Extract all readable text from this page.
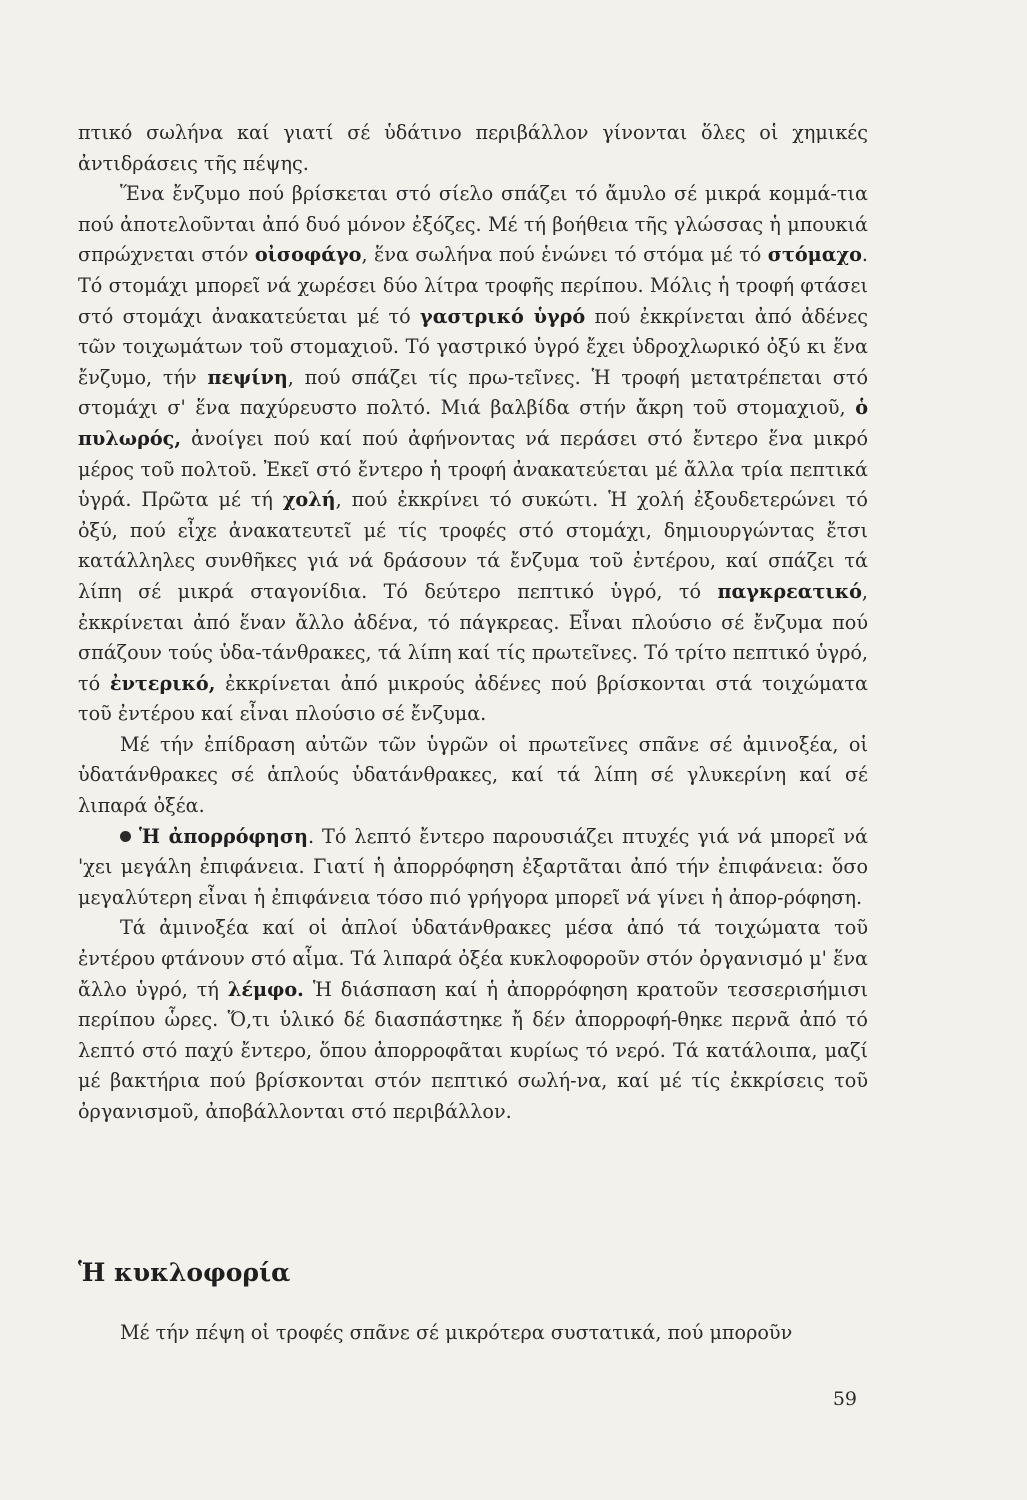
πτικό σωλήνα καί γιατί σέ ὑδάτινο περιβάλλον γίνονται ὅλες οἱ χημικές ἀντιδράσεις τῆς πέψης.

Ἕνα ἔνζυμο πού βρίσκεται στό σίελο σπάζει τό ἄμυλο σέ μικρά κομμά-τια πού ἀποτελοῦνται ἀπό δυό μόνον ἐξόζες. Μέ τή βοήθεια τῆς γλώσσας ἡ μπουκιά σπρώχνεται στόν οἰσοφάγο, ἕνα σωλήνα πού ἑνώνει τό στόμα μέ τό στόμαχο. Τό στομάχι μπορεῖ νά χωρέσει δύο λίτρα τροφῆς περίπου. Μόλις ἡ τροφή φτάσει στό στομάχι ἀνακατεύεται μέ τό γαστρικό ὑγρό πού ἐκκρίνεται ἀπό ἀδένες τῶν τοιχωμάτων τοῦ στομαχιοῦ. Τό γαστρικό ὑγρό ἔχει ὑδροχλωρικό ὀξύ κι ἕνα ἔνζυμο, τήν πεψίνη, πού σπάζει τίς πρω-τεῖνες. Ἡ τροφή μετατρέπεται στό στομάχι σ' ἕνα παχύρευστο πολτό. Μιά βαλβίδα στήν ἄκρη τοῦ στομαχιοῦ, ὁ πυλωρός, ἀνοίγει πού καί πού ἀφήνοντας νά περάσει στό ἔντερο ἕνα μικρό μέρος τοῦ πολτοῦ. Ἐκεῖ στό ἔντερο ἡ τροφή ἀνακατεύεται μέ ἄλλα τρία πεπτικά ὑγρά. Πρῶτα μέ τή χολή, πού ἐκκρίνει τό συκώτι. Ἡ χολή ἐξουδετερώνει τό ὀξύ, πού εἶχε ἀνακατευτεῖ μέ τίς τροφές στό στομάχι, δημιουργώντας ἔτσι κατάλληλες συνθῆκες γιά νά δράσουν τά ἔνζυμα τοῦ ἐντέρου, καί σπάζει τά λίπη σέ μικρά σταγονίδια. Τό δεύτερο πεπτικό ὑγρό, τό παγκρεατικό, ἐκκρίνεται ἀπό ἕναν ἄλλο ἀδένα, τό πάγκρεας. Εἶναι πλούσιο σέ ἔνζυμα πού σπάζουν τούς ὑδα-τάνθρακες, τά λίπη καί τίς πρωτεῖνες. Τό τρίτο πεπτικό ὑγρό, τό ἐντερικό, ἐκκρίνεται ἀπό μικρούς ἀδένες πού βρίσκονται στά τοιχώματα τοῦ ἐντέρου καί εἶναι πλούσιο σέ ἔνζυμα.

Μέ τήν ἐπίδραση αὐτῶν τῶν ὑγρῶν οἱ πρωτεῖνες σπᾶνε σέ ἀμινοξέα, οἱ ὑδατάνθρακες σέ ἁπλούς ὑδατάνθρακες, καί τά λίπη σέ γλυκερίνη καί σέ λιπαρά ὀξέα.

Ἡ ἀπορρόφηση. Τό λεπτό ἔντερο παρουσιάζει πτυχές γιά νά μπορεῖ νά 'χει μεγάλη ἐπιφάνεια. Γιατί ἡ ἀπορρόφηση ἐξαρτᾶται ἀπό τήν ἐπιφάνεια: ὅσο μεγαλύτερη εἶναι ἡ ἐπιφάνεια τόσο πιό γρήγορα μπορεῖ νά γίνει ἡ ἀπορ-ρόφηση.

Τά ἀμινοξέα καί οἱ ἁπλοί ὑδατάνθρακες μέσα ἀπό τά τοιχώματα τοῦ ἐντέρου φτάνουν στό αἷμα. Τά λιπαρά ὀξέα κυκλοφοροῦν στόν ὀργανισμό μ' ἕνα ἄλλο ὑγρό, τή λέμφο. Ἡ διάσπαση καί ἡ ἀπορρόφηση κρατοῦν τεσσερισήμισι περίπου ὧρες. Ὅ,τι ὑλικό δέ διασπάστηκε ἤ δέν ἀπορροφή-θηκε περνᾶ ἀπό τό λεπτό στό παχύ ἔντερο, ὅπου ἀπορροφᾶται κυρίως τό νερό. Τά κατάλοιπα, μαζί μέ βακτήρια πού βρίσκονται στόν πεπτικό σωλή-να, καί μέ τίς ἐκκρίσεις τοῦ ὀργανισμοῦ, ἀποβάλλονται στό περιβάλλον.

Ἡ κυκλοφορία

Μέ τήν πέψη οἱ τροφές σπᾶνε σέ μικρότερα συστατικά, πού μποροῦν

59
